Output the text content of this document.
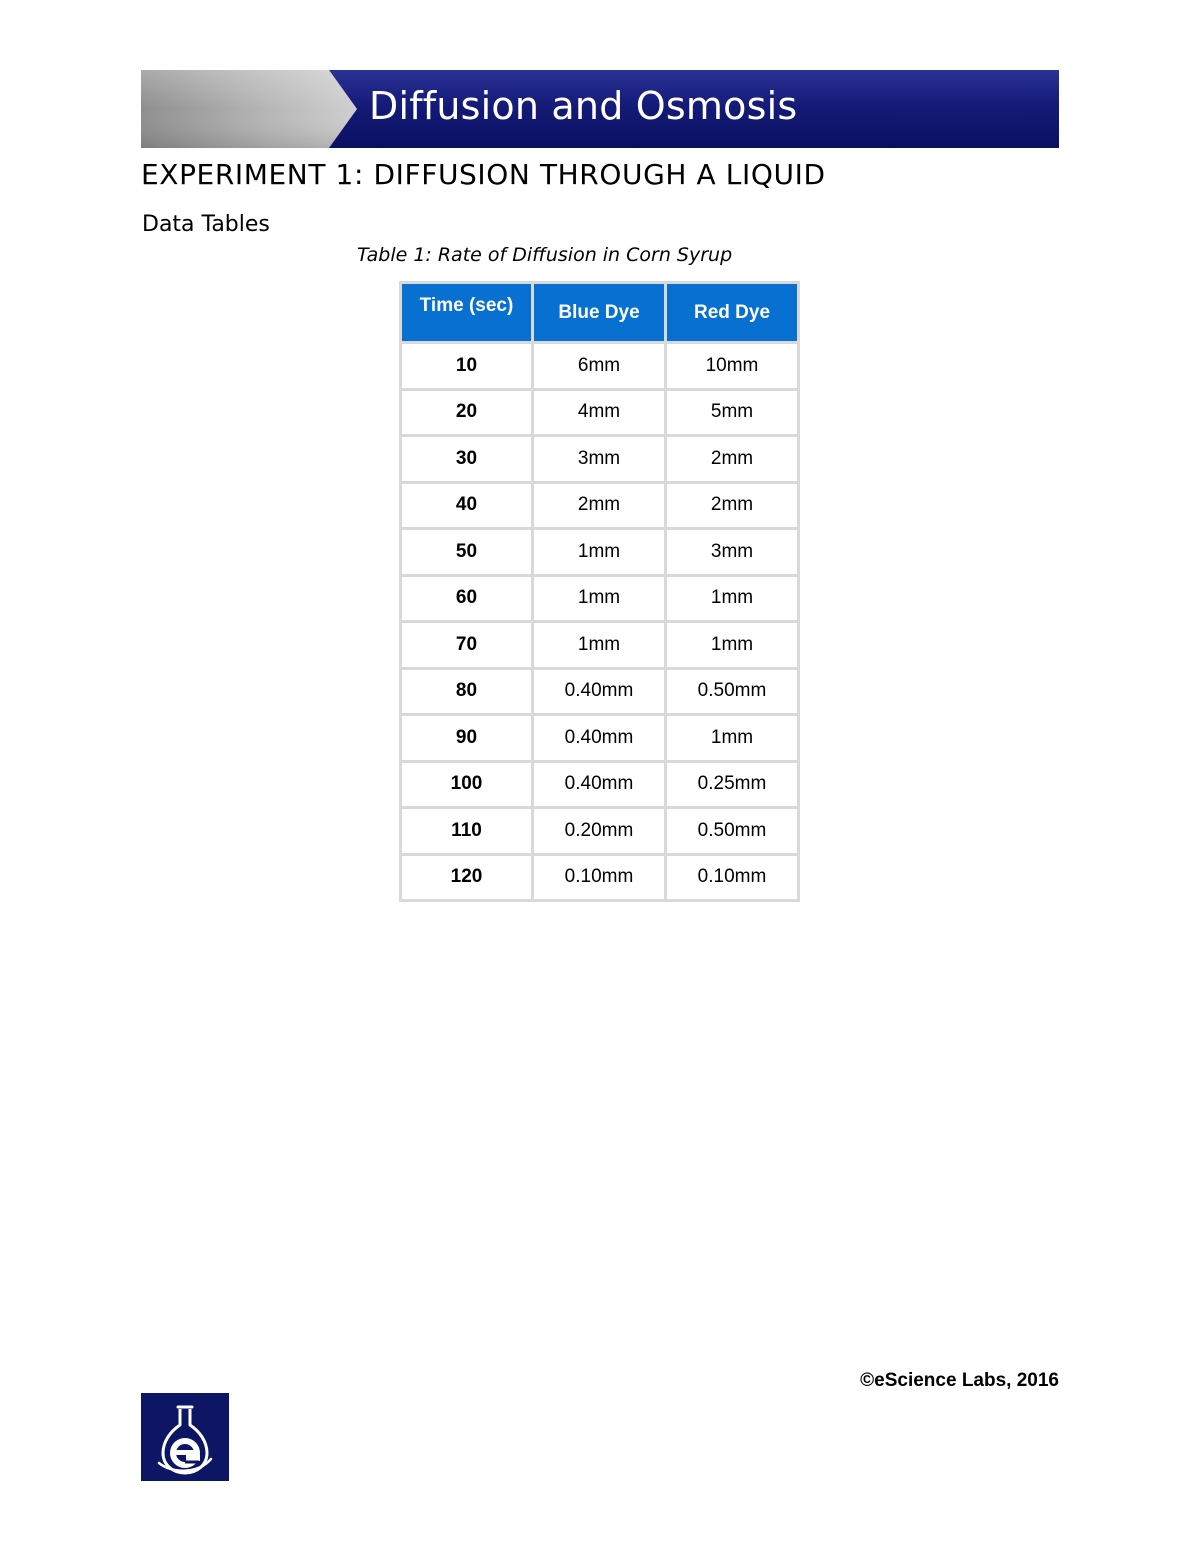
Diffusion and Osmosis
EXPERIMENT 1: DIFFUSION THROUGH A LIQUID
Data Tables
Table 1: Rate of Diffusion in Corn Syrup
Time (sec)	Blue Dye	Red Dye
10	6mm	10mm
20	4mm	5mm
30	3mm	2mm
40	2mm	2mm
50	1mm	3mm
60	1mm	1mm
70	1mm	1mm
80	0.40mm	0.50mm
90	0.40mm	1mm
100	0.40mm	0.25mm
110	0.20mm	0.50mm
120	0.10mm	0.10mm
©eScience Labs, 2016
